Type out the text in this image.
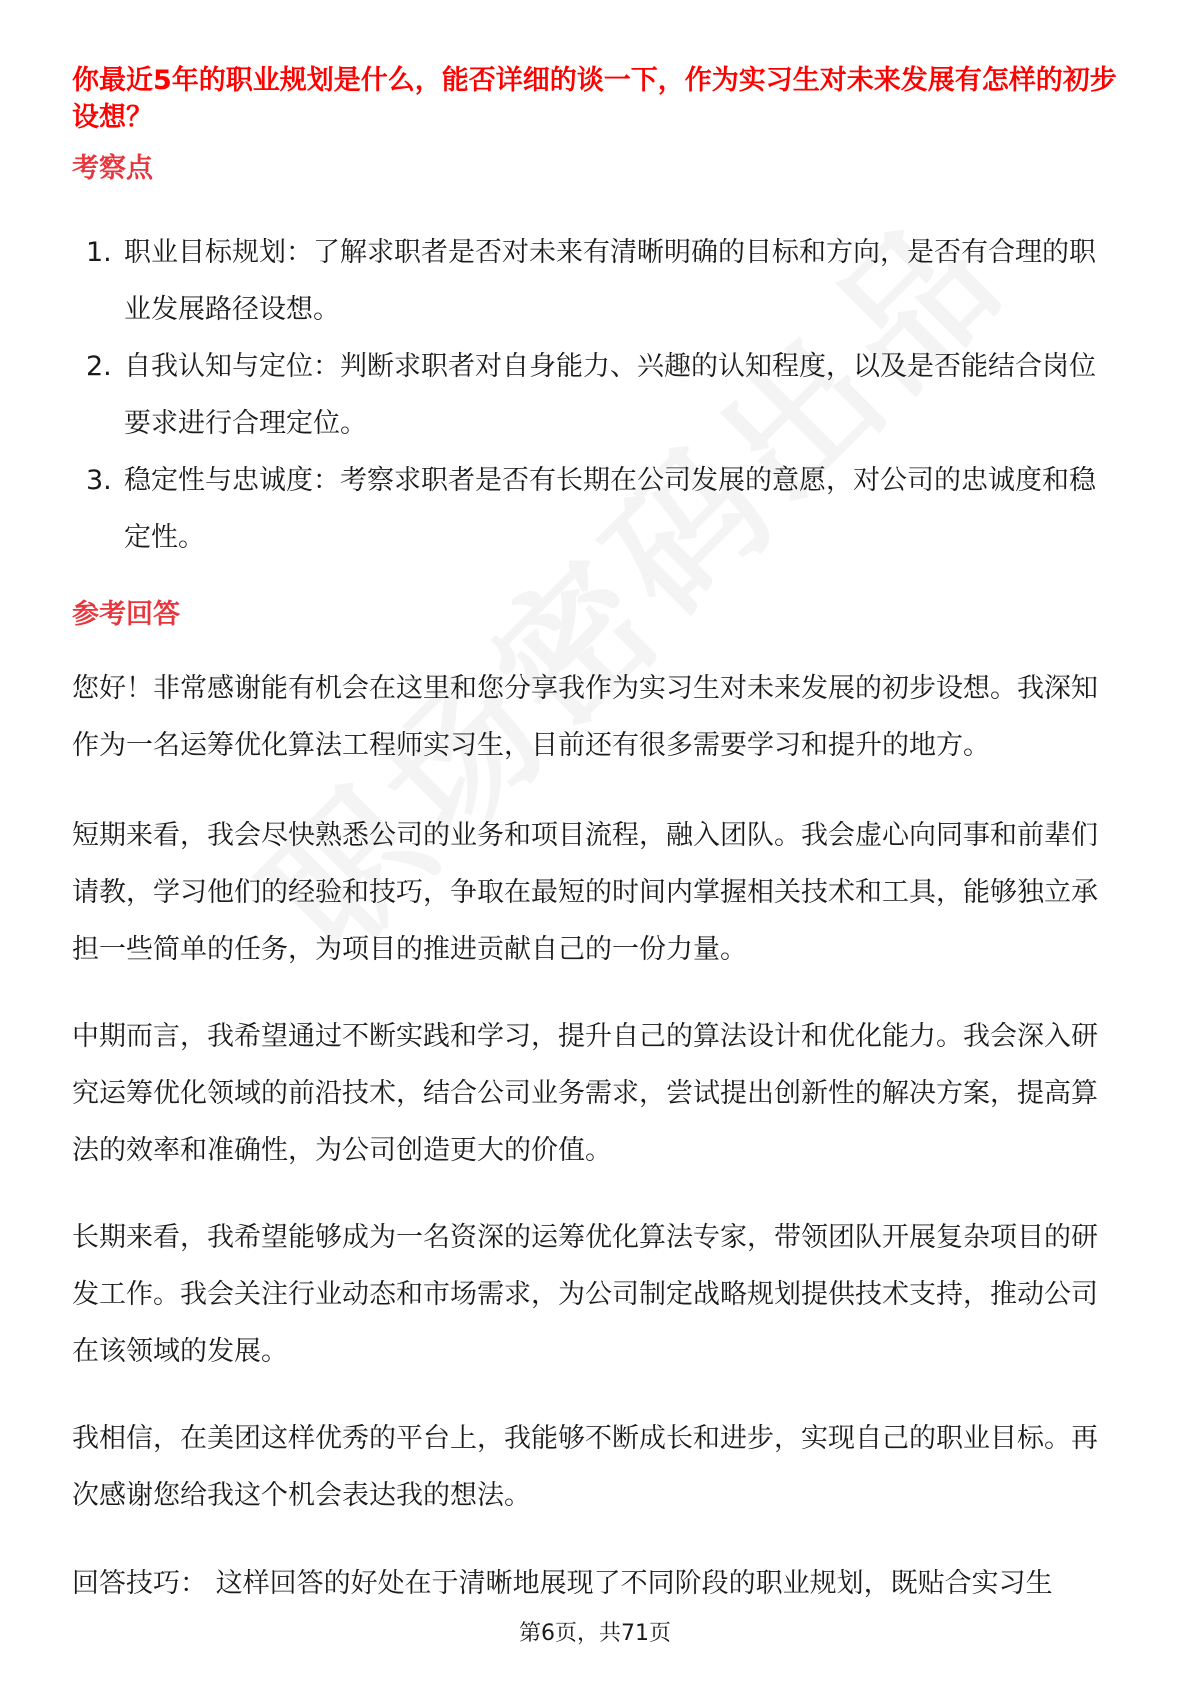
你最近5年的职业规划是什么，能否详细的谈一下，作为实习生对未来发展有怎样的初步设想？
考察点
1. 职业目标规划：了解求职者是否对未来有清晰明确的目标和方向，是否有合理的职业发展路径设想。
2. 自我认知与定位：判断求职者对自身能力、兴趣的认知程度，以及是否能结合岗位要求进行合理定位。
3. 稳定性与忠诚度：考察求职者是否有长期在公司发展的意愿，对公司的忠诚度和稳定性。
参考回答

您好！非常感谢能有机会在这里和您分享我作为实习生对未来发展的初步设想。我深知作为一名运筹优化算法工程师实习生，目前还有很多需要学习和提升的地方。

短期来看，我会尽快熟悉公司的业务和项目流程，融入团队。我会虚心向同事和前辈们请教，学习他们的经验和技巧，争取在最短的时间内掌握相关技术和工具，能够独立承担一些简单的任务，为项目的推进贡献自己的一份力量。

中期而言，我希望通过不断实践和学习，提升自己的算法设计和优化能力。我会深入研究运筹优化领域的前沿技术，结合公司业务需求，尝试提出创新性的解决方案，提高算法的效率和准确性，为公司创造更大的价值。

长期来看，我希望能够成为一名资深的运筹优化算法专家，带领团队开展复杂项目的研发工作。我会关注行业动态和市场需求，为公司制定战略规划提供技术支持，推动公司在该领域的发展。

我相信，在美团这样优秀的平台上，我能够不断成长和进步，实现自己的职业目标。再次感谢您给我这个机会表达我的想法。

回答技巧： 这样回答的好处在于清晰地展现了不同阶段的职业规划，既贴合实习生

第6页，共71页
